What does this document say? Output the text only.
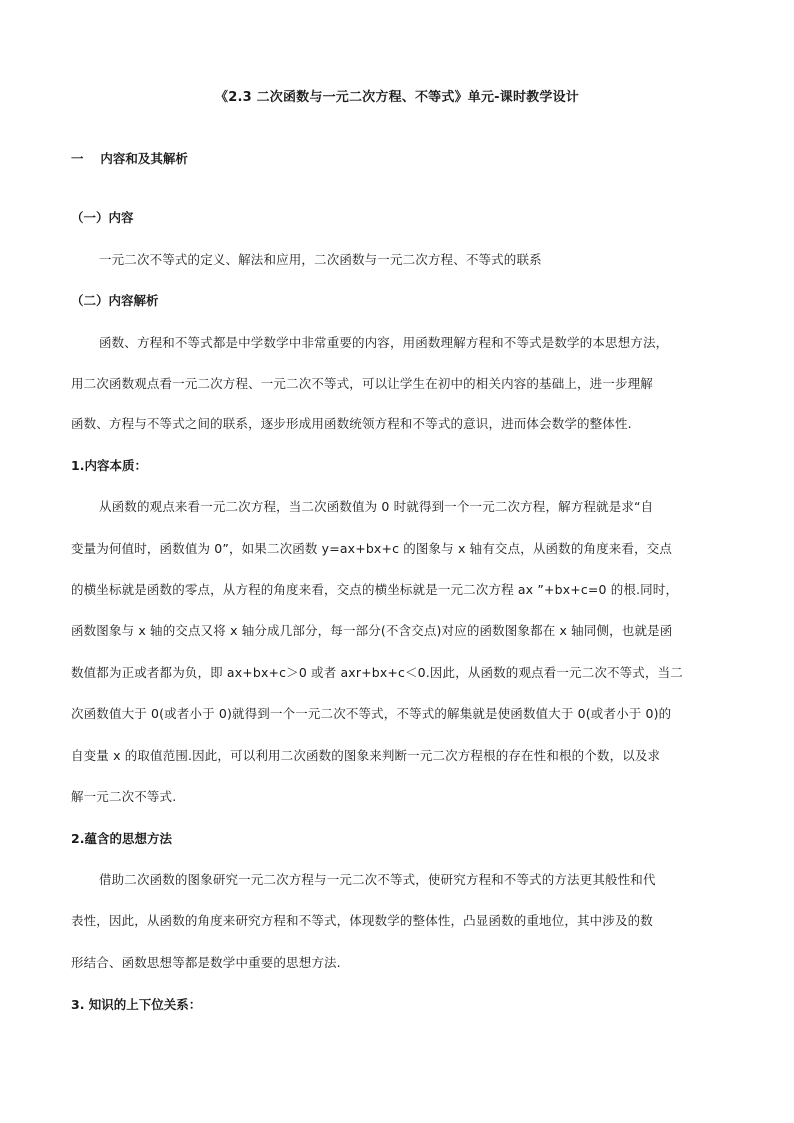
《2.3 二次函数与一元二次方程、不等式》单元-课时教学设计
一　 内容和及其解析
（一）内容
一元二次不等式的定义、解法和应用，二次函数与一元二次方程、不等式的联系
（二）内容解析
函数、方程和不等式都是中学数学中非常重要的内容，用函数理解方程和不等式是数学的本思想方法，
用二次函数观点看一元二次方程、一元二次不等式，可以让学生在初中的相关内容的基础上，进一步理解
函数、方程与不等式之间的联系，逐步形成用函数统领方程和不等式的意识，进而体会数学的整体性.
1.内容本质：
从函数的观点来看一元二次方程，当二次函数值为 0 时就得到一个一元二次方程，解方程就是求“自
变量为何值时，函数值为 0”，如果二次函数 y=ax+bx+c 的图象与 x 轴有交点，从函数的角度来看，交点
的横坐标就是函数的零点，从方程的角度来看，交点的横坐标就是一元二次方程 ax ”+bx+c=0 的根.同时，
函数图象与 x 轴的交点又将 x 轴分成几部分，每一部分(不含交点)对应的函数图象都在 x 轴同侧，也就是函
数值都为正或者都为负，即 ax+bx+c＞0 或者 axr+bx+c＜0.因此，从函数的观点看一元二次不等式，当二
次函数值大于 0(或者小于 0)就得到一个一元二次不等式，不等式的解集就是使函数值大于 0(或者小于 0)的
自变量 x 的取值范围.因此，可以利用二次函数的图象来判断一元二次方程根的存在性和根的个数，以及求
解一元二次不等式.
2.蕴含的思想方法
借助二次函数的图象研究一元二次方程与一元二次不等式，使研究方程和不等式的方法更其般性和代
表性，因此，从函数的角度来研究方程和不等式，体现数学的整体性，凸显函数的重地位，其中涉及的数
形结合、函数思想等都是数学中重要的思想方法.
3. 知识的上下位关系：
